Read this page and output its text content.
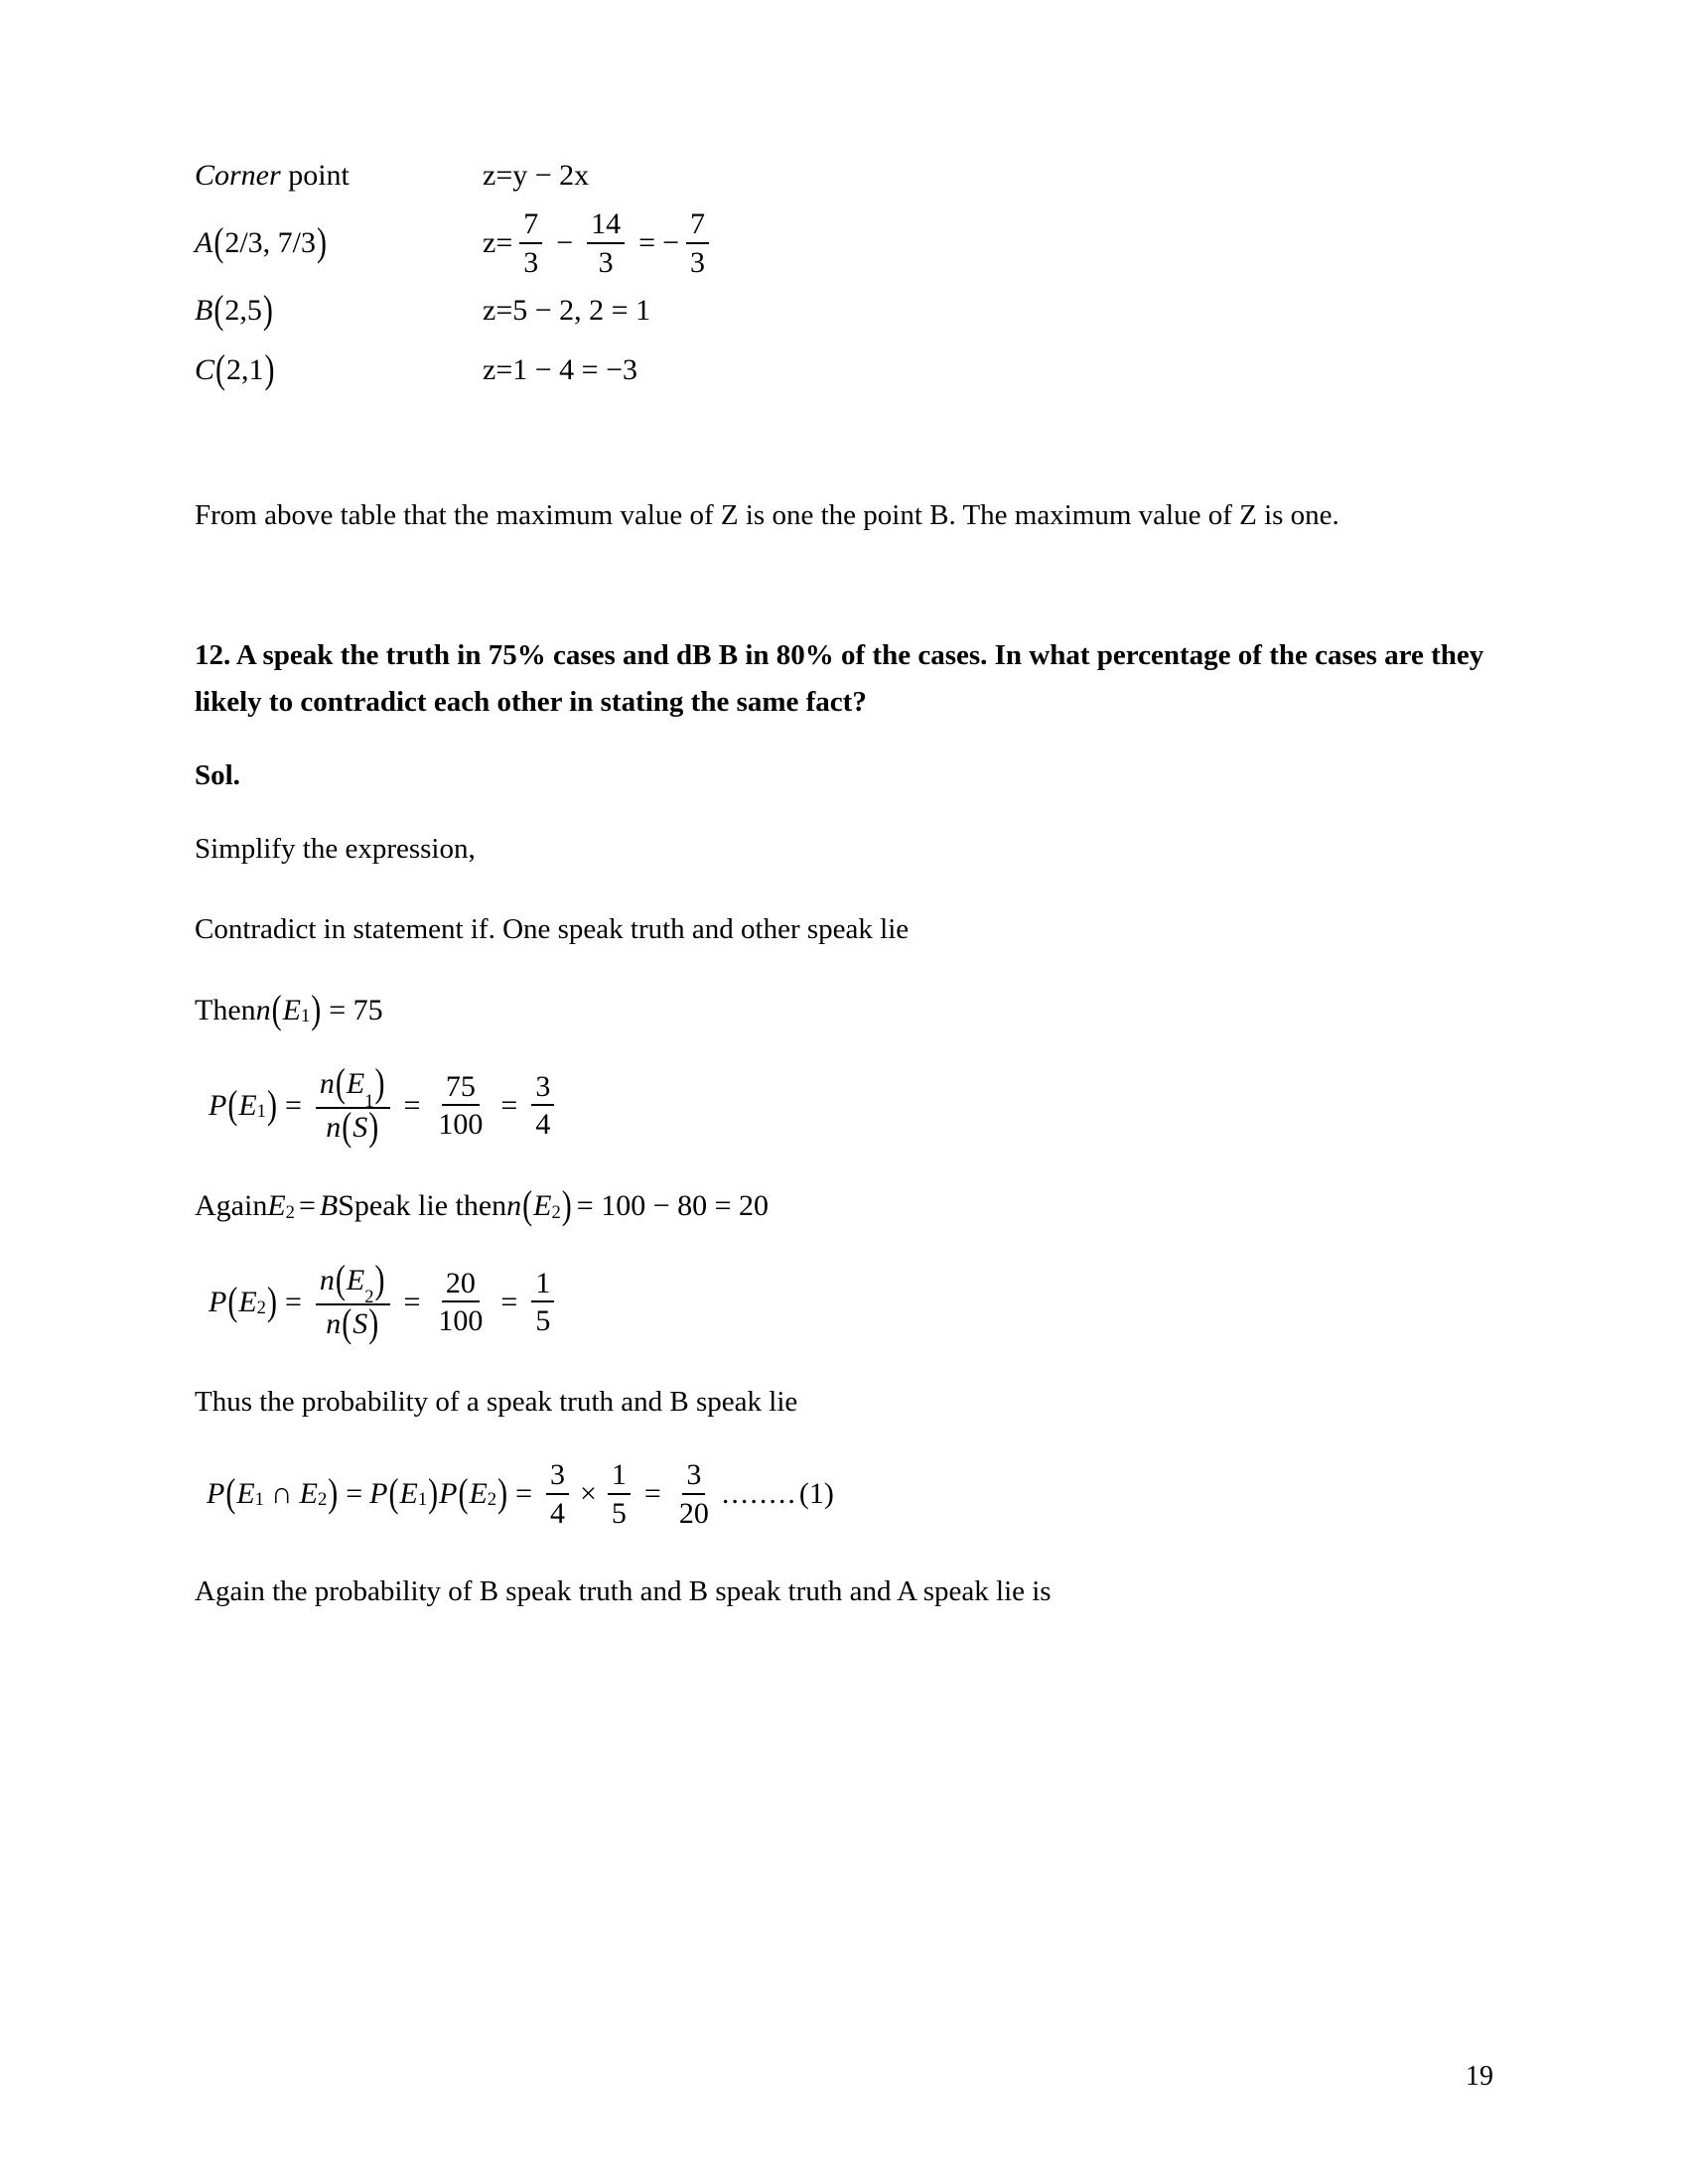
Corner point	z=y − 2x
A ( 2/3, 7/3 )	$z= \frac{7}{3} - \frac{14}{3}$ = − $\frac{7}{3}$
B ( 2,5 )	z=5 − 2, 2 = 1
C ( 2,1 )	z=1 − 4 = −3

From above table that the maximum value of Z is one the point B. The maximum value of Z is one.

12. A speak the truth in 75% cases and dB B in 80% of the cases. In what percentage of the cases are they likely to contradict each other in stating the same fact?

Sol.

Simplify the expression,

Contradict in statement if. One speak truth and other speak lie

Then n ( E 1 ) = 75

P ( E 1 ) = $\frac{n(E_1)}{n(S)} = \frac{75}{100} = \frac{3}{4}$

Again E 2 = B Speak lie then n ( E 2 ) = 100 − 80 = 20

P ( E 2 ) = $\frac{n(E_2)}{n(S)} = \frac{20}{100} = \frac{1}{5}$

Thus the probability of a speak truth and B speak lie

P ( E 1 ∩ E 2 ) = P ( E 1 ) P ( E 2 ) = $\frac{3}{4} \times \frac{1}{5} = \frac{3}{20}$ ........ (1)

Again the probability of B speak truth and B speak truth and A speak lie is

19
